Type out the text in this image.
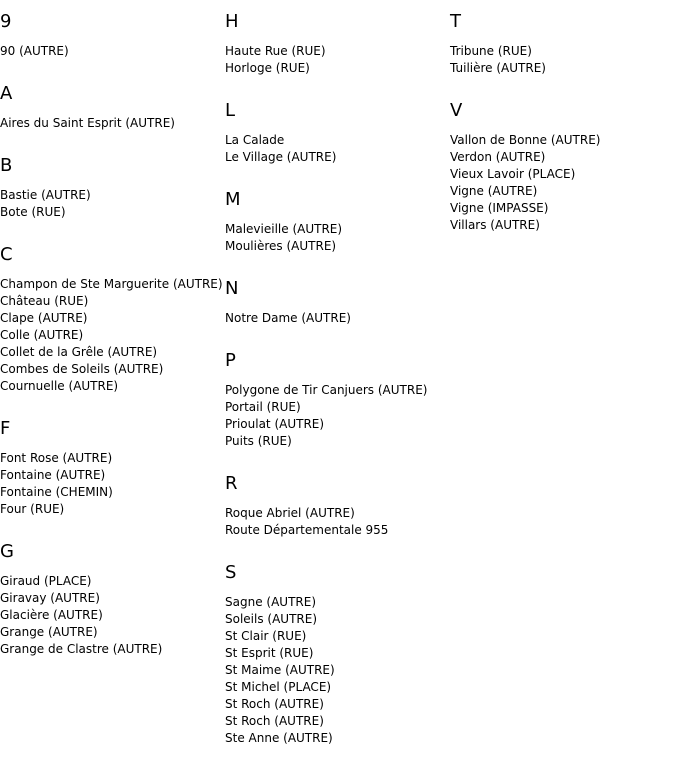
9
90 (AUTRE)
A
Aires du Saint Esprit (AUTRE)
B
Bastie (AUTRE)
Bote (RUE)
C
Champon de Ste Marguerite (AUTRE)
Château (RUE)
Clape (AUTRE)
Colle (AUTRE)
Collet de la Grêle (AUTRE)
Combes de Soleils (AUTRE)
Cournuelle (AUTRE)
F
Font Rose (AUTRE)
Fontaine (AUTRE)
Fontaine (CHEMIN)
Four (RUE)
G
Giraud (PLACE)
Giravay (AUTRE)
Glacière (AUTRE)
Grange (AUTRE)
Grange de Clastre (AUTRE)
H
Haute Rue (RUE)
Horloge (RUE)
L
La Calade
Le Village (AUTRE)
M
Malevieille (AUTRE)
Moulières (AUTRE)
N
Notre Dame (AUTRE)
P
Polygone de Tir Canjuers (AUTRE)
Portail (RUE)
Prioulat (AUTRE)
Puits (RUE)
R
Roque Abriel (AUTRE)
Route Départementale 955
S
Sagne (AUTRE)
Soleils (AUTRE)
St Clair (RUE)
St Esprit (RUE)
St Maime (AUTRE)
St Michel (PLACE)
St Roch (AUTRE)
St Roch (AUTRE)
Ste Anne (AUTRE)
T
Tribune (RUE)
Tuilière (AUTRE)
V
Vallon de Bonne (AUTRE)
Verdon (AUTRE)
Vieux Lavoir (PLACE)
Vigne (AUTRE)
Vigne (IMPASSE)
Villars (AUTRE)
